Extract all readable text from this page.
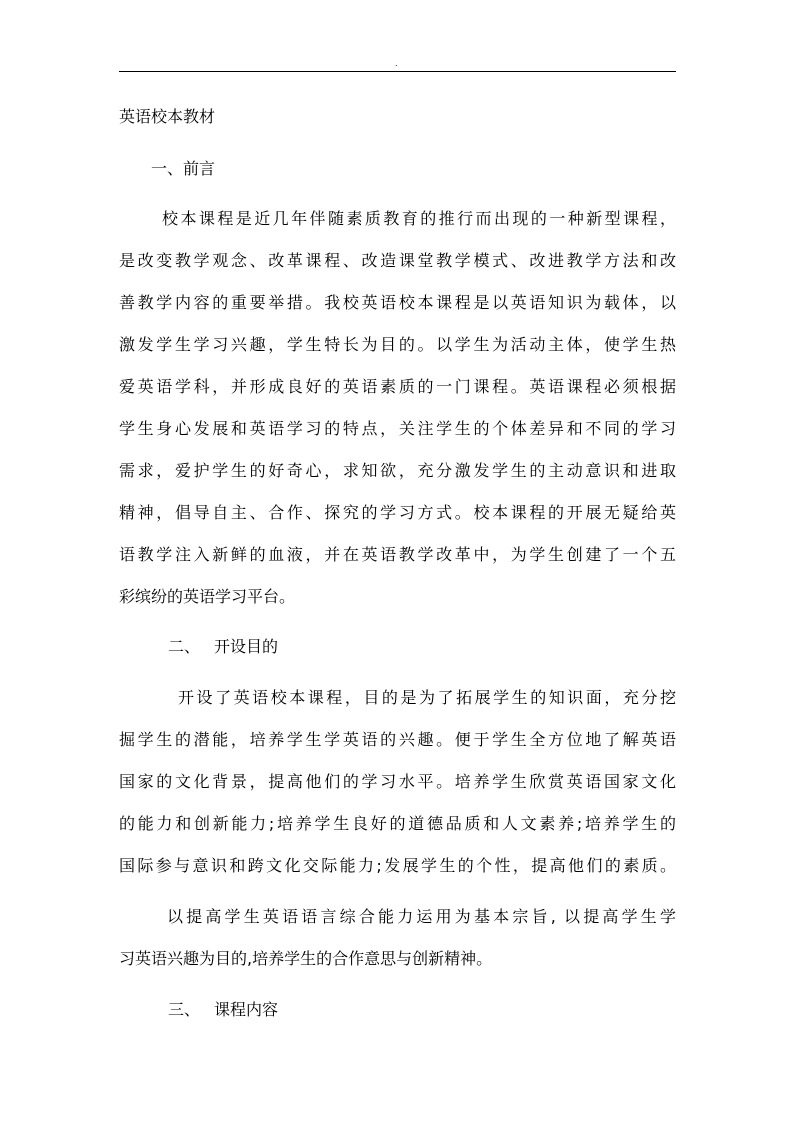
.
英语校本教材
一、前言
校本课程是近几年伴随素质教育的推行而出现的一种新型课程，
是改变教学观念、改革课程、改造课堂教学模式、改进教学方法和改
善教学内容的重要举措。我校英语校本课程是以英语知识为载体，以
激发学生学习兴趣，学生特长为目的。以学生为活动主体，使学生热
爱英语学科，并形成良好的英语素质的一门课程。英语课程必须根据
学生身心发展和英语学习的特点，关注学生的个体差异和不同的学习
需求，爱护学生的好奇心，求知欲，充分激发学生的主动意识和进取
精神，倡导自主、合作、探究的学习方式。校本课程的开展无疑给英
语教学注入新鲜的血液，并在英语教学改革中，为学生创建了一个五
彩缤纷的英语学习平台。
二、 开设目的
开设了英语校本课程，目的是为了拓展学生的知识面，充分挖
掘学生的潜能，培养学生学英语的兴趣。便于学生全方位地了解英语
国家的文化背景，提高他们的学习水平。培养学生欣赏英语国家文化
的能力和创新能力;培养学生良好的道德品质和人文素养;培养学生的
国际参与意识和跨文化交际能力;发展学生的个性，提高他们的素质。
以提高学生英语语言综合能力运用为基本宗旨, 以提高学生学
习英语兴趣为目的,培养学生的合作意思与创新精神。
三、 课程内容
